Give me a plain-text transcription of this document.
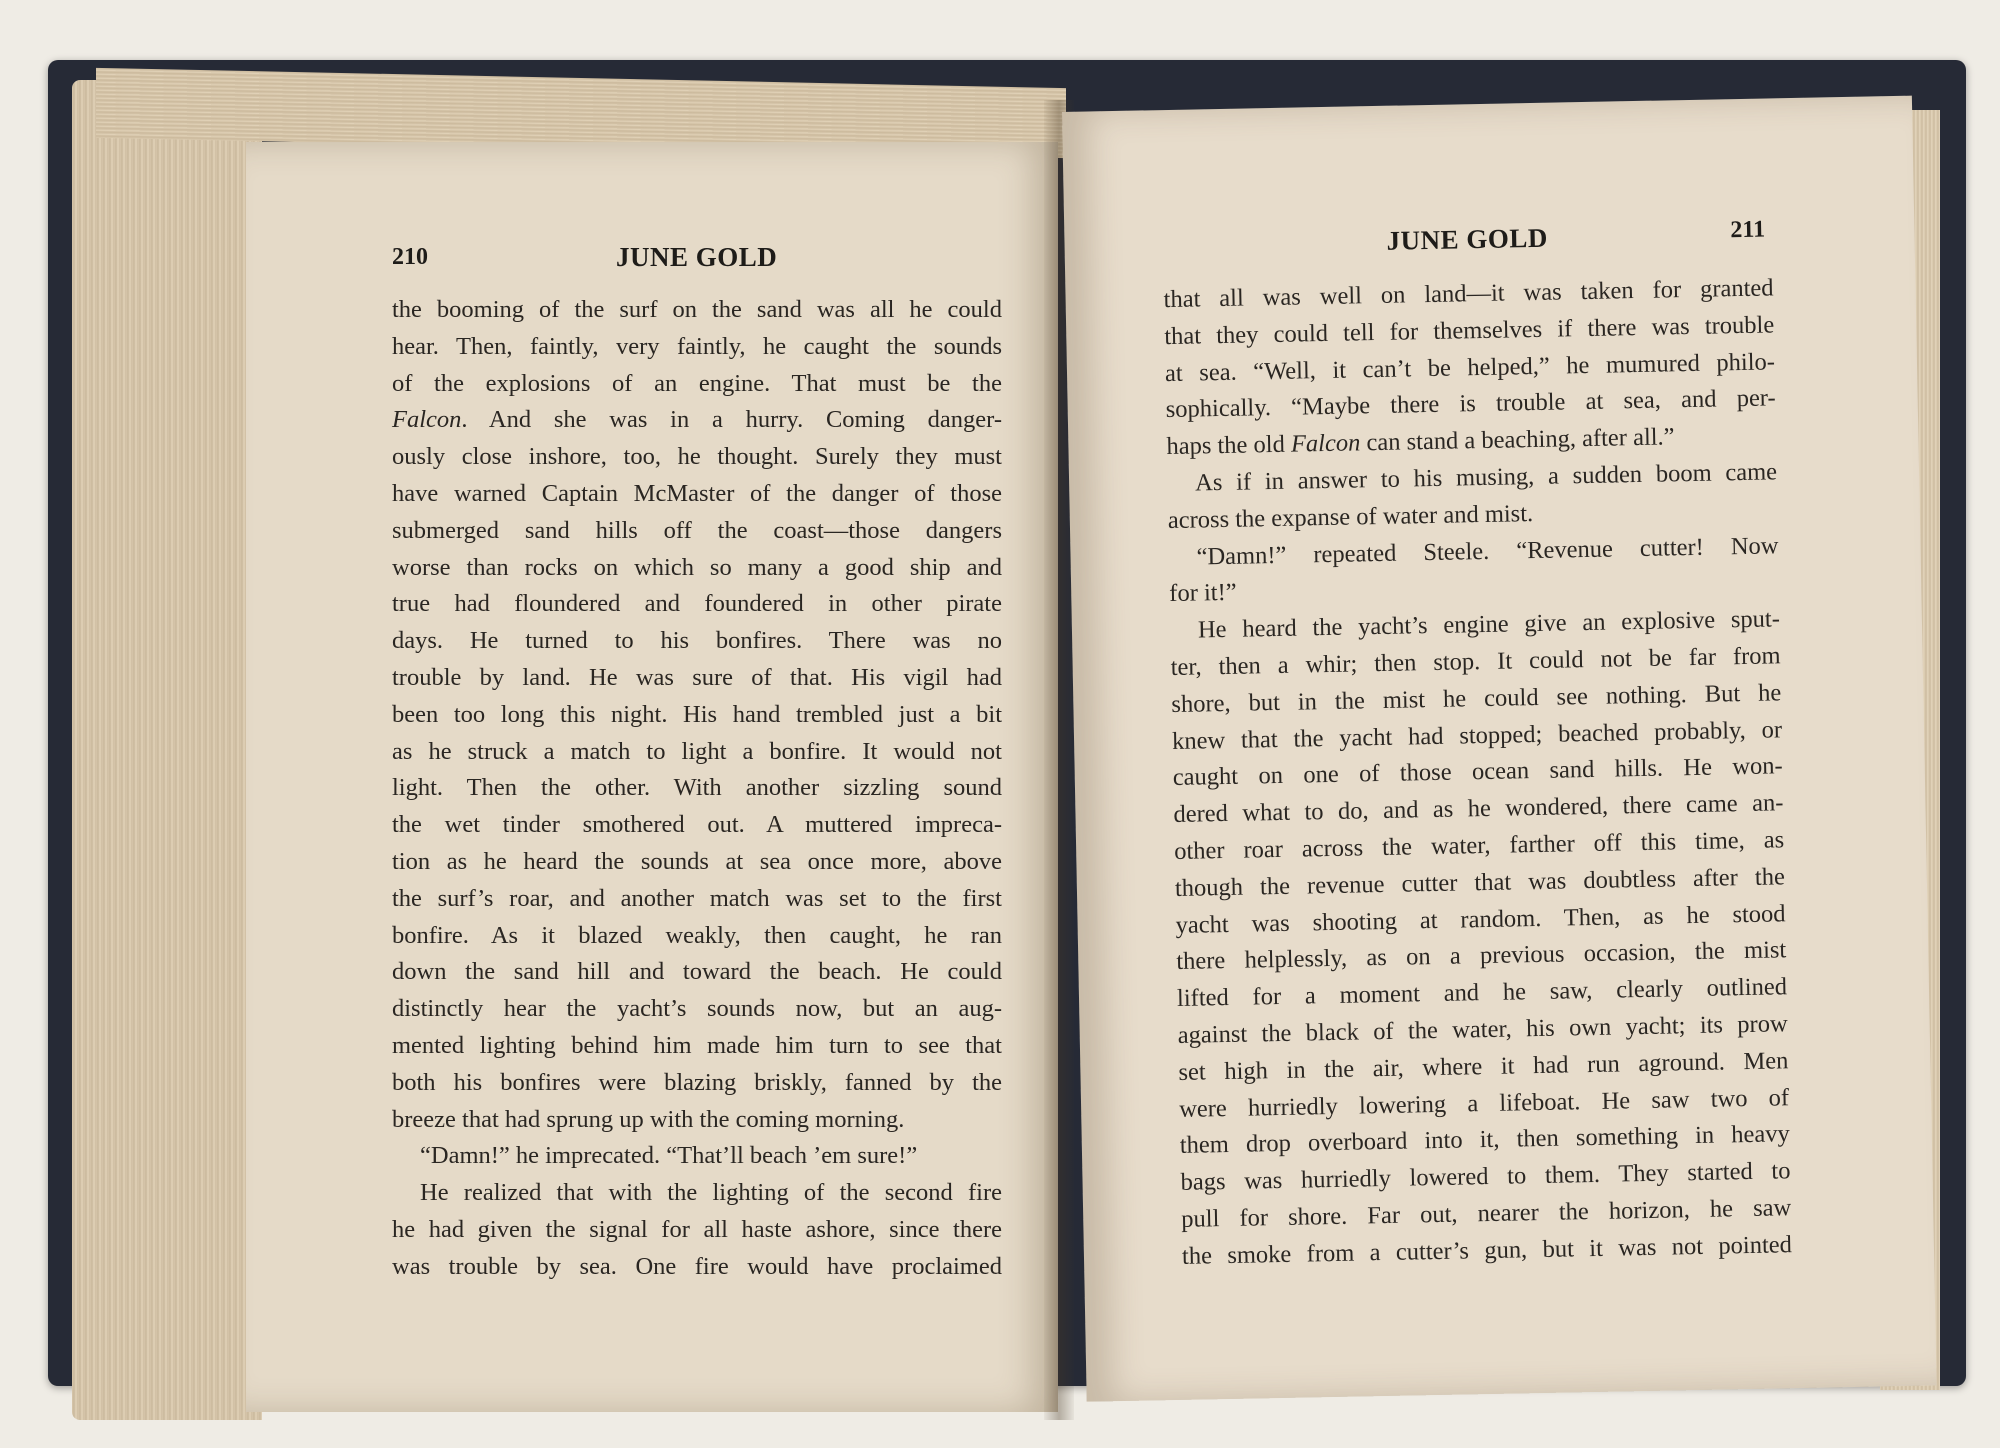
210	JUNE GOLD
the booming of the surf on the sand was all he could
hear. Then, faintly, very faintly, he caught the sounds
of the explosions of an engine. That must be the
Falcon. And she was in a hurry. Coming danger-
ously close inshore, too, he thought. Surely they must
have warned Captain McMaster of the danger of those
submerged sand hills off the coast—those dangers
worse than rocks on which so many a good ship and
true had floundered and foundered in other pirate
days. He turned to his bonfires. There was no
trouble by land. He was sure of that. His vigil had
been too long this night. His hand trembled just a bit
as he struck a match to light a bonfire. It would not
light. Then the other. With another sizzling sound
the wet tinder smothered out. A muttered impreca-
tion as he heard the sounds at sea once more, above
the surf’s roar, and another match was set to the first
bonfire. As it blazed weakly, then caught, he ran
down the sand hill and toward the beach. He could
distinctly hear the yacht’s sounds now, but an aug-
mented lighting behind him made him turn to see that
both his bonfires were blazing briskly, fanned by the
breeze that had sprung up with the coming morning.
“Damn!” he imprecated. “That’ll beach ’em sure!”
He realized that with the lighting of the second fire
he had given the signal for all haste ashore, since there
was trouble by sea. One fire would have proclaimed
JUNE GOLD	211
that all was well on land—it was taken for granted
that they could tell for themselves if there was trouble
at sea. “Well, it can’t be helped,” he mumured philo-
sophically. “Maybe there is trouble at sea, and per-
haps the old Falcon can stand a beaching, after all.”
As if in answer to his musing, a sudden boom came
across the expanse of water and mist.
“Damn!” repeated Steele. “Revenue cutter! Now
for it!”
He heard the yacht’s engine give an explosive sput-
ter, then a whir; then stop. It could not be far from
shore, but in the mist he could see nothing. But he
knew that the yacht had stopped; beached probably, or
caught on one of those ocean sand hills. He won-
dered what to do, and as he wondered, there came an-
other roar across the water, farther off this time, as
though the revenue cutter that was doubtless after the
yacht was shooting at random. Then, as he stood
there helplessly, as on a previous occasion, the mist
lifted for a moment and he saw, clearly outlined
against the black of the water, his own yacht; its prow
set high in the air, where it had run aground. Men
were hurriedly lowering a lifeboat. He saw two of
them drop overboard into it, then something in heavy
bags was hurriedly lowered to them. They started to
pull for shore. Far out, nearer the horizon, he saw
the smoke from a cutter’s gun, but it was not pointed
